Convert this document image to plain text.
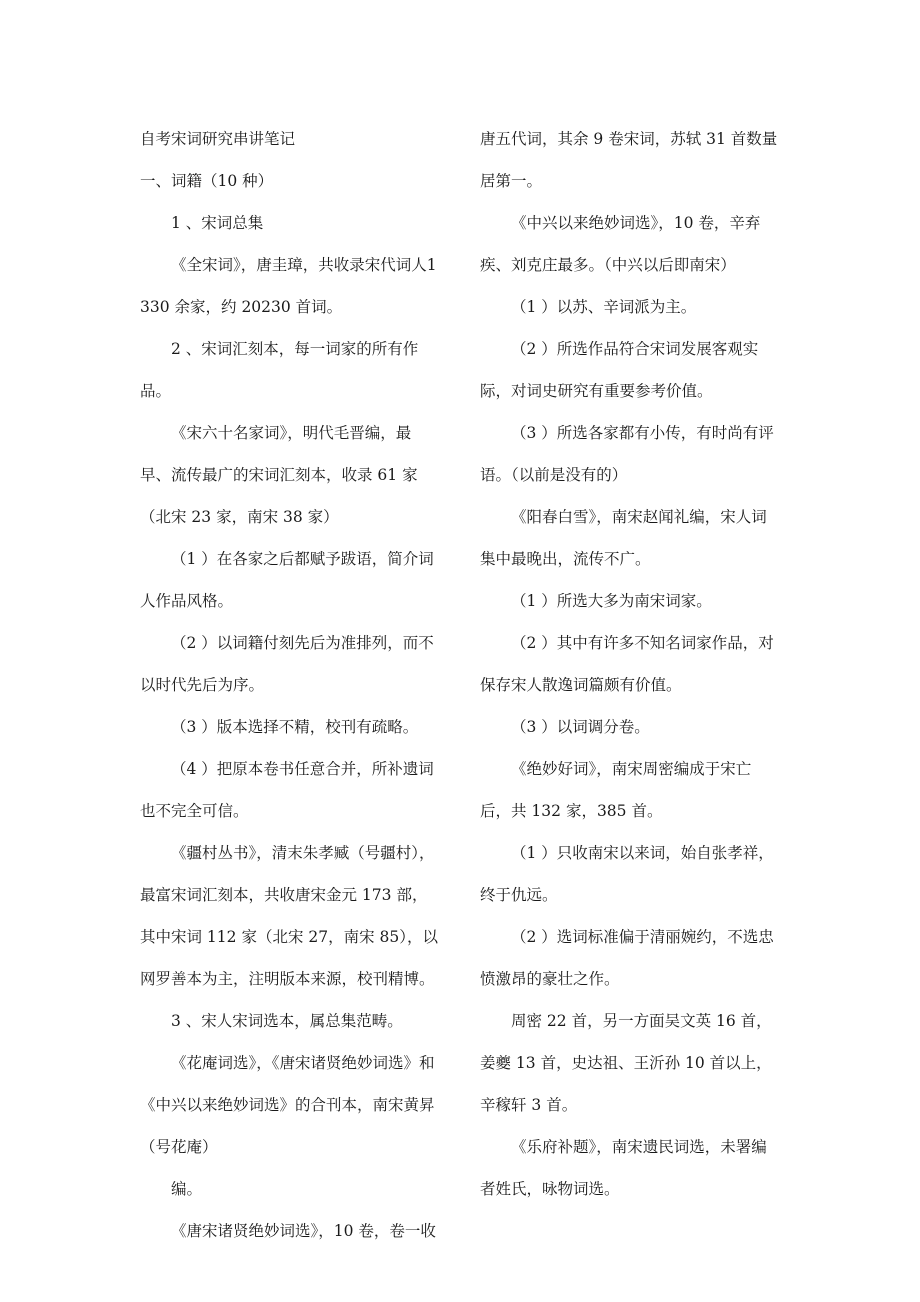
自考宋词研究串讲笔记

一、词籍（10 种）

1 、宋词总集

《全宋词》，唐圭璋，共收录宋代词人1330 余家，约 20230 首词。

2 、宋词汇刻本，每一词家的所有作品。

《宋六十名家词》，明代毛晋编，最早、流传最广的宋词汇刻本，收录 61 家（北宋 23 家，南宋 38 家）

（1 ）在各家之后都赋予跋语，简介词人作品风格。

（2 ）以词籍付刻先后为准排列，而不以时代先后为序。

（3 ）版本选择不精，校刊有疏略。

（4 ）把原本卷书任意合并，所补遗词也不完全可信。

《疆村丛书》，清末朱孝臧（号疆村），最富宋词汇刻本，共收唐宋金元 173 部，其中宋词 112 家（北宋 27，南宋 85），以网罗善本为主，注明版本来源，校刊精博。

3 、宋人宋词选本，属总集范畴。

《花庵词选》，《唐宋诸贤绝妙词选》和《中兴以来绝妙词选》的合刊本，南宋黄昇（号花庵）

编。

《唐宋诸贤绝妙词选》，10 卷，卷一收

唐五代词，其余 9 卷宋词，苏轼 31 首数量居第一。

《中兴以来绝妙词选》，10 卷，辛弃疾、刘克庄最多。（中兴以后即南宋）

（1 ）以苏、辛词派为主。

（2 ）所选作品符合宋词发展客观实际，对词史研究有重要参考价值。

（3 ）所选各家都有小传，有时尚有评语。（以前是没有的）

《阳春白雪》，南宋赵闻礼编，宋人词集中最晚出，流传不广。

（1 ）所选大多为南宋词家。

（2 ）其中有许多不知名词家作品，对保存宋人散逸词篇颇有价值。

（3 ）以词调分卷。

《绝妙好词》，南宋周密编成于宋亡后，共 132 家，385 首。

（1 ）只收南宋以来词，始自张孝祥，终于仇远。

（2 ）选词标准偏于清丽婉约，不选忠愤激昂的豪壮之作。

周密 22 首，另一方面吴文英 16 首，姜夔 13 首，史达祖、王沂孙 10 首以上，辛稼轩 3 首。

《乐府补题》，南宋遗民词选，未署编者姓氏，咏物词选。
